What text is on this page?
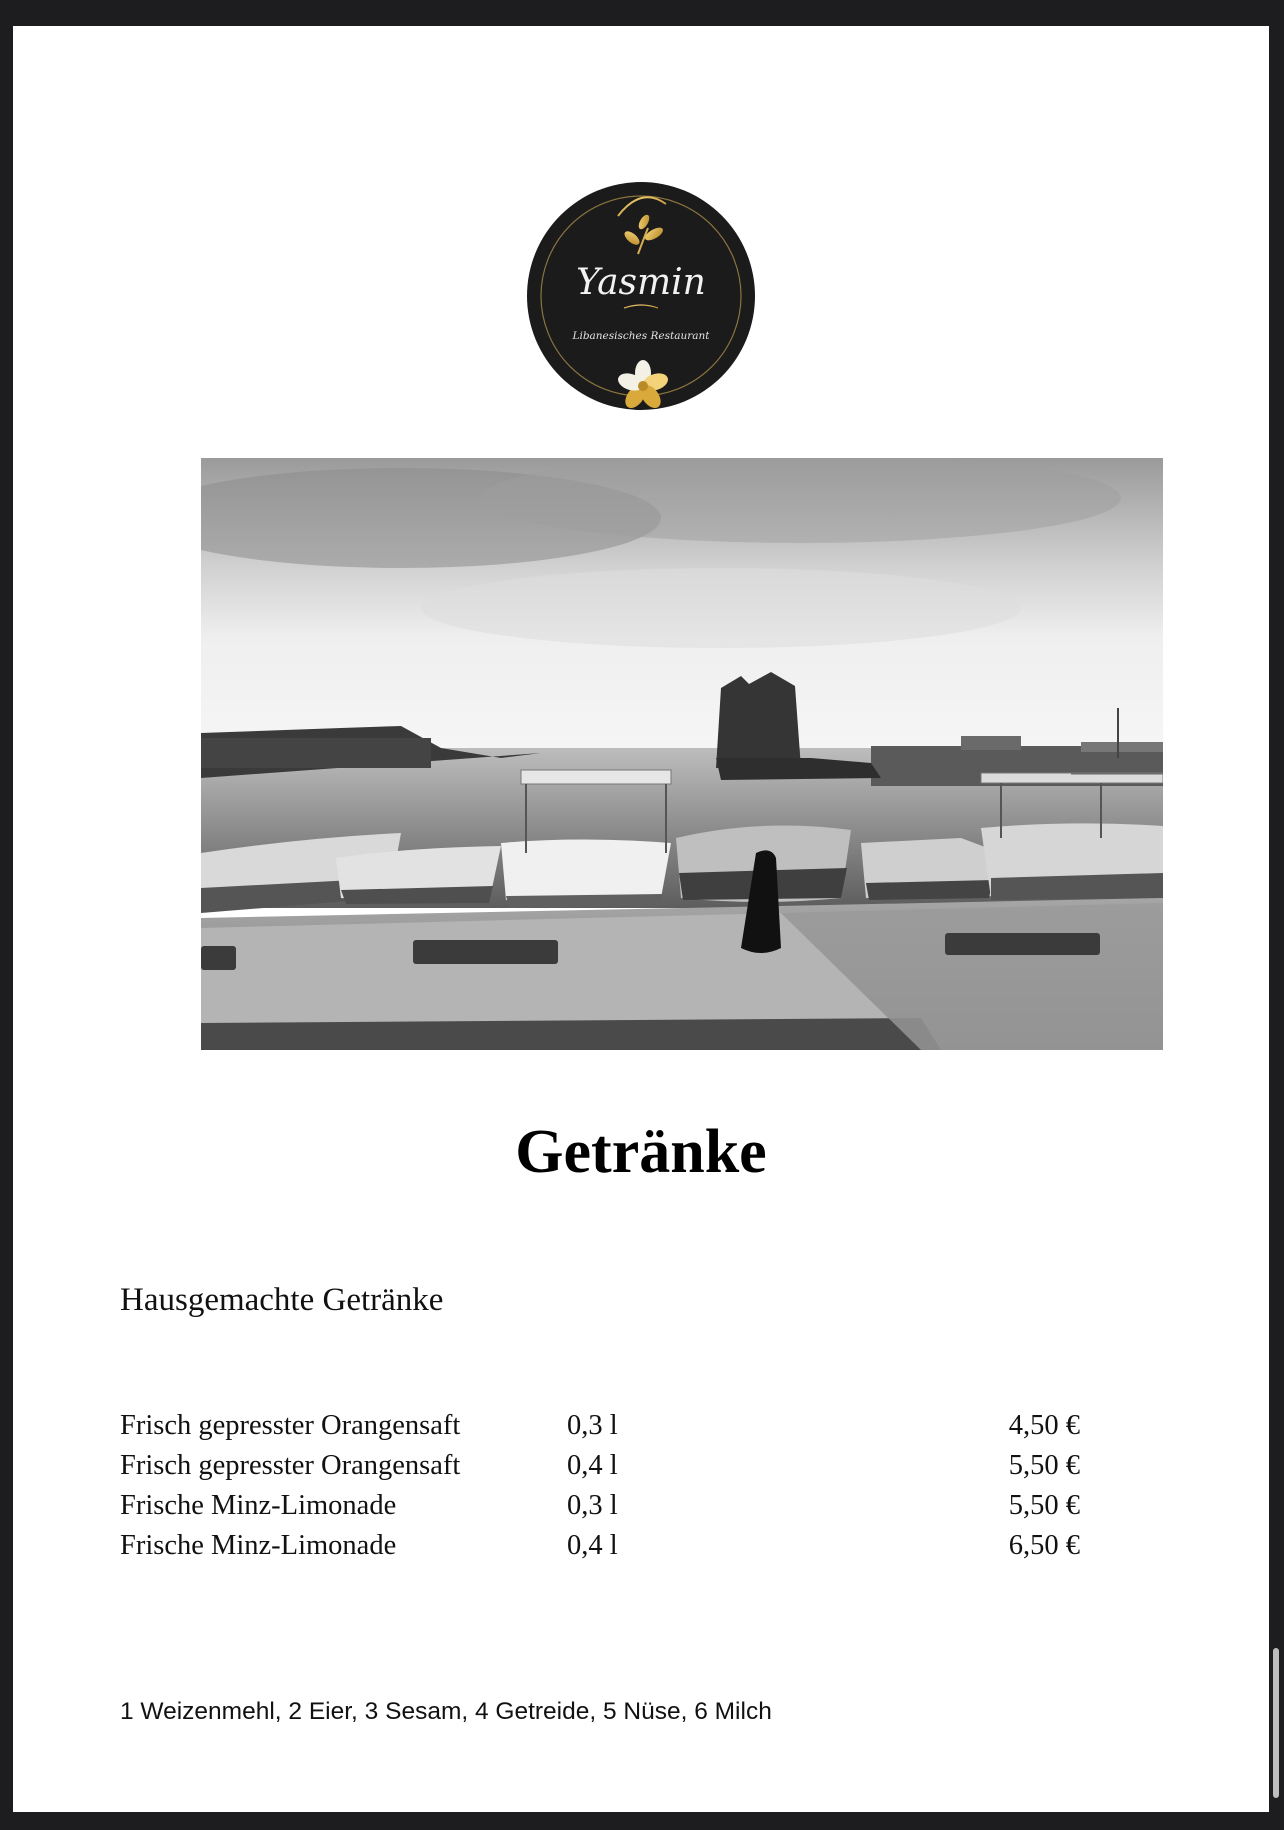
Yasmin
Libanesisches Restaurant
Getränke
Hausgemachte Getränke
Frisch gepresster Orangensaft	0,3 l	4,50 €
Frisch gepresster Orangensaft	0,4 l	5,50 €
Frische Minz-Limonade	0,3 l	5,50 €
Frische Minz-Limonade	0,4 l	6,50 €

1 Weizenmehl, 2 Eier, 3 Sesam, 4 Getreide, 5 Nüse, 6 Milch
